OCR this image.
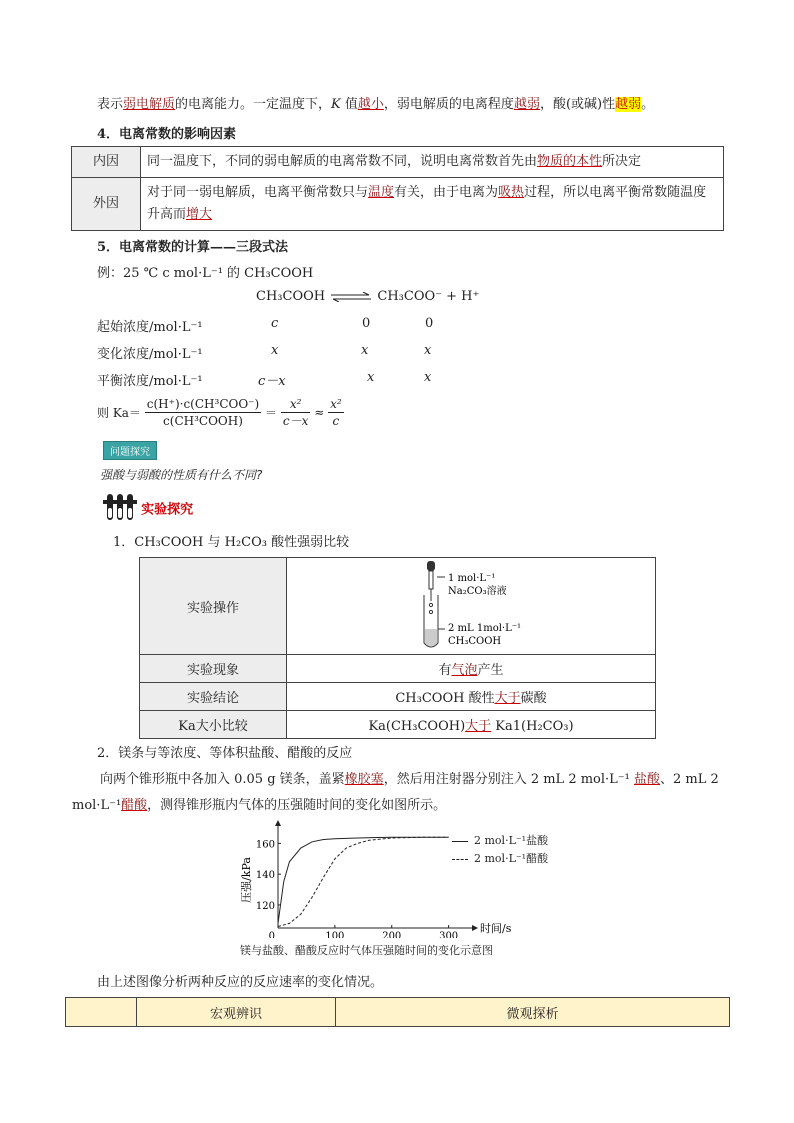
表示弱电解质的电离能力。一定温度下，K 值越小，弱电解质的电离程度越弱，酸(或碱)性越弱。
4．电离常数的影响因素
内因	同一温度下，不同的弱电解质的电离常数不同，说明电离常数首先由物质的本性所决定
外因	对于同一弱电解质，电离平衡常数只与温度有关，由于电离为吸热过程，所以电离平衡常数随温度升高而增大
5．电离常数的计算——三段式法
例：25 ℃ c mol·L⁻¹ 的 CH₃COOH
CH₃COOH ⇌ CH₃COO⁻ + H⁺
起始浓度/mol·L⁻¹	c	0	0
变化浓度/mol·L⁻¹	x	x	x
平衡浓度/mol·L⁻¹	c－x	x	x
则 $Ka= \frac{\text{c(H⁺)·c(CH³COO⁻)}}{\text{c(CH³COOH)}} = \frac{\text{x²}}{c-x} \approx \frac{\text{x²}}{c}$
问题探究
强酸与弱酸的性质有什么不同?
实验探究
1．CH₃COOH 与 H₂CO₃ 酸性强弱比较
实验操作	1 mol·L⁻¹
Na₂CO₃溶液
2 mL 1mol·L⁻¹
CH₃COOH

实验现象	有气泡产生
实验结论	CH₃COOH 酸性大于碳酸
Ka大小比较	Ka(CH₃COOH)大于 Ka1(H₂CO₃)
2．镁条与等浓度、等体积盐酸、醋酸的反应
向两个锥形瓶中各加入 0.05 g 镁条，盖紧橡胶塞，然后用注射器分别注入 2 mL 2 mol·L⁻¹ 盐酸、2 mL 2 mol·L⁻¹醋酸，测得锥形瓶内气体的压强随时间的变化如图所示。
100	200	300
120
140
160
0
时间/s
压强/kPa
2 mol·L⁻¹盐酸
2 mol·L⁻¹醋酸
镁与盐酸、醋酸反应时气体压强随时间的变化示意图
由上述图像分析两种反应的反应速率的变化情况。
	宏观辨识	微观探析
